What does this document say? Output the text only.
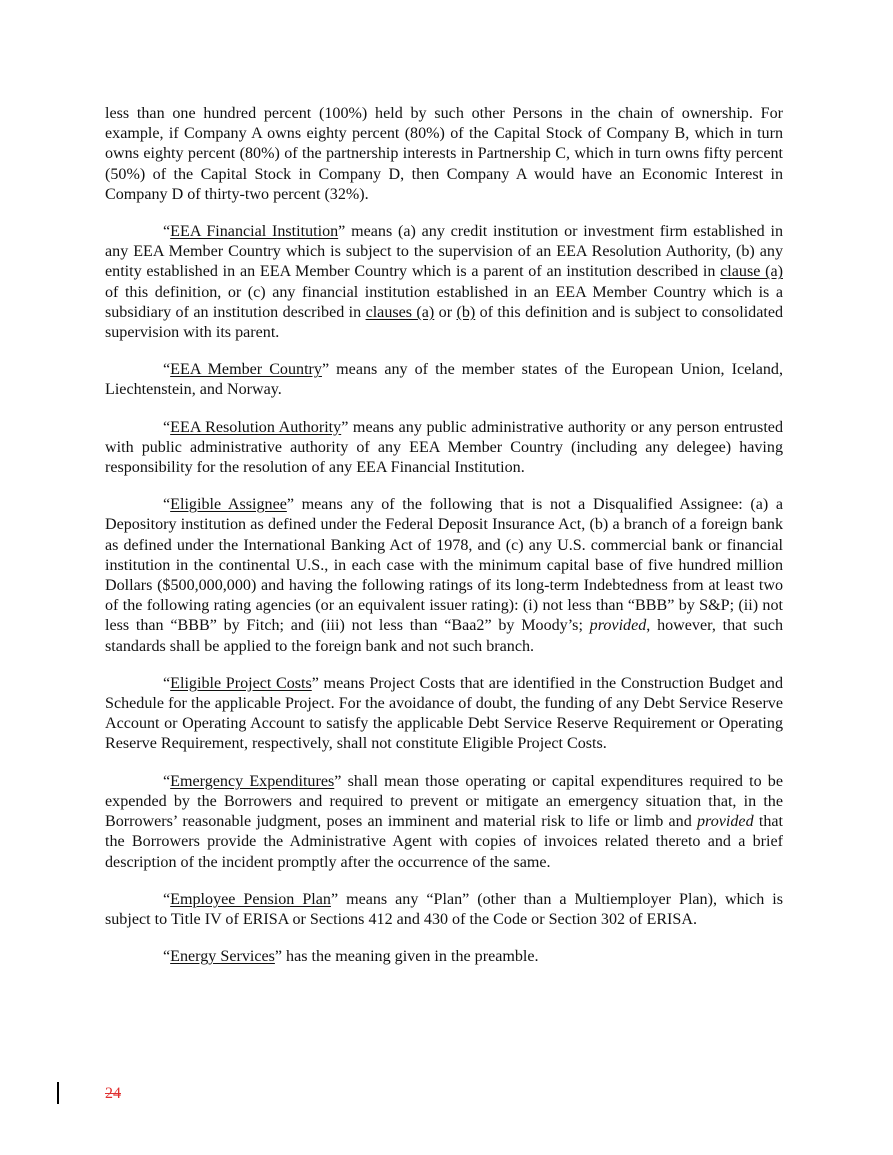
less than one hundred percent (100%) held by such other Persons in the chain of ownership. For example, if Company A owns eighty percent (80%) of the Capital Stock of Company B, which in turn owns eighty percent (80%) of the partnership interests in Partnership C, which in turn owns fifty percent (50%) of the Capital Stock in Company D, then Company A would have an Economic Interest in Company D of thirty-two percent (32%).

“EEA Financial Institution” means (a) any credit institution or investment firm established in any EEA Member Country which is subject to the supervision of an EEA Resolution Authority, (b) any entity established in an EEA Member Country which is a parent of an institution described in clause (a) of this definition, or (c) any financial institution established in an EEA Member Country which is a subsidiary of an institution described in clauses (a) or (b) of this definition and is subject to consolidated supervision with its parent.

“EEA Member Country” means any of the member states of the European Union, Iceland, Liechtenstein, and Norway.

“EEA Resolution Authority” means any public administrative authority or any person entrusted with public administrative authority of any EEA Member Country (including any delegee) having responsibility for the resolution of any EEA Financial Institution.

“Eligible Assignee” means any of the following that is not a Disqualified Assignee: (a) a Depository institution as defined under the Federal Deposit Insurance Act, (b) a branch of a foreign bank as defined under the International Banking Act of 1978, and (c) any U.S. commercial bank or financial institution in the continental U.S., in each case with the minimum capital base of five hundred million Dollars ($500,000,000) and having the following ratings of its long-term Indebtedness from at least two of the following rating agencies (or an equivalent issuer rating): (i) not less than “BBB” by S&P; (ii) not less than “BBB” by Fitch; and (iii) not less than “Baa2” by Moody’s; provided, however, that such standards shall be applied to the foreign bank and not such branch.

“Eligible Project Costs” means Project Costs that are identified in the Construction Budget and Schedule for the applicable Project. For the avoidance of doubt, the funding of any Debt Service Reserve Account or Operating Account to satisfy the applicable Debt Service Reserve Requirement or Operating Reserve Requirement, respectively, shall not constitute Eligible Project Costs.

“Emergency Expenditures” shall mean those operating or capital expenditures required to be expended by the Borrowers and required to prevent or mitigate an emergency situation that, in the Borrowers’ reasonable judgment, poses an imminent and material risk to life or limb and provided that the Borrowers provide the Administrative Agent with copies of invoices related thereto and a brief description of the incident promptly after the occurrence of the same.

“Employee Pension Plan” means any “Plan” (other than a Multiemployer Plan), which is subject to Title IV of ERISA or Sections 412 and 430 of the Code or Section 302 of ERISA.

“Energy Services” has the meaning given in the preamble.

24
